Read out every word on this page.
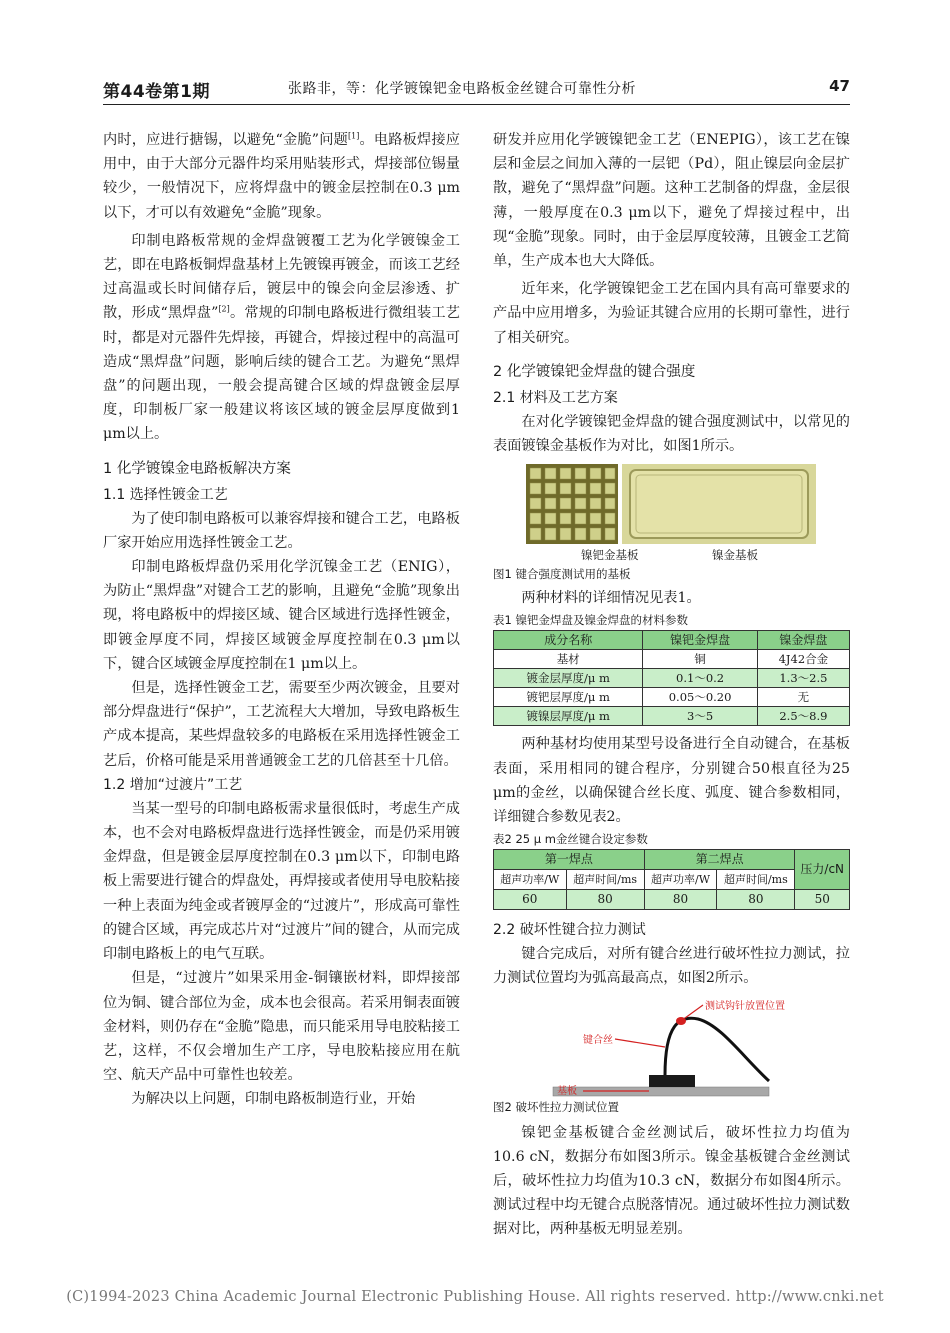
第44卷第1期	张路非，等：化学镀镍钯金电路板金丝键合可靠性分析	47

内时，应进行搪锡，以避免“金脆”问题[1]。电路板焊接应用中，由于大部分元器件均采用贴装形式，焊接部位锡量较少，一般情况下，应将焊盘中的镀金层控制在0.3 μm以下，才可以有效避免“金脆”现象。

印制电路板常规的金焊盘镀覆工艺为化学镀镍金工艺，即在电路板铜焊盘基材上先镀镍再镀金，而该工艺经过高温或长时间储存后，镀层中的镍会向金层渗透、扩散，形成“黑焊盘”[2]。常规的印制电路板进行微组装工艺时，都是对元器件先焊接，再键合，焊接过程中的高温可造成“黑焊盘”问题，影响后续的键合工艺。为避免“黑焊盘”的问题出现，一般会提高键合区域的焊盘镀金层厚度，印制板厂家一般建议将该区域的镀金层厚度做到1 μm以上。

1 化学镀镍金电路板解决方案
1.1 选择性镀金工艺

为了使印制电路板可以兼容焊接和键合工艺，电路板厂家开始应用选择性镀金工艺。

印制电路板焊盘仍采用化学沉镍金工艺（ENIG），为防止“黑焊盘”对键合工艺的影响，且避免“金脆”现象出现，将电路板中的焊接区域、键合区域进行选择性镀金，即镀金厚度不同，焊接区域镀金厚度控制在0.3 μm以下，键合区域镀金厚度控制在1 μm以上。

但是，选择性镀金工艺，需要至少两次镀金，且要对部分焊盘进行“保护”，工艺流程大大增加，导致电路板生产成本提高，某些焊盘较多的电路板在采用选择性镀金工艺后，价格可能是采用普通镀金工艺的几倍甚至十几倍。

1.2 增加“过渡片”工艺

当某一型号的印制电路板需求量很低时，考虑生产成本，也不会对电路板焊盘进行选择性镀金，而是仍采用镀金焊盘，但是镀金层厚度控制在0.3 μm以下，印制电路板上需要进行键合的焊盘处，再焊接或者使用导电胶粘接一种上表面为纯金或者镀厚金的“过渡片”，形成高可靠性的键合区域，再完成芯片对“过渡片”间的键合，从而完成印制电路板上的电气互联。

但是，“过渡片”如果采用金-铜镶嵌材料，即焊接部位为铜、键合部位为金，成本也会很高。若采用铜表面镀金材料，则仍存在“金脆”隐患，而只能采用导电胶粘接工艺，这样，不仅会增加生产工序，导电胶粘接应用在航空、航天产品中可靠性也较差。

为解决以上问题，印制电路板制造行业，开始

研发并应用化学镀镍钯金工艺（ENEPIG），该工艺在镍层和金层之间加入薄的一层钯（Pd），阻止镍层向金层扩散，避免了“黑焊盘”问题。这种工艺制备的焊盘，金层很薄，一般厚度在0.3 μm以下，避免了焊接过程中，出现“金脆”现象。同时，由于金层厚度较薄，且镀金工艺简单，生产成本也大大降低。

近年来，化学镀镍钯金工艺在国内具有高可靠要求的产品中应用增多，为验证其键合应用的长期可靠性，进行了相关研究。

2 化学镀镍钯金焊盘的键合强度
2.1 材料及工艺方案

在对化学镀镍钯金焊盘的键合强度测试中，以常见的表面镀镍金基板作为对比，如图1所示。

镍钯金基板	镍金基板

图1 键合强度测试用的基板

两种材料的详细情况见表1。

表1 镍钯金焊盘及镍金焊盘的材料参数

成分名称	镍钯金焊盘	镍金焊盘
基材	铜	4J42合金
镀金层厚度/μ m	0.1～0.2	1.3～2.5
镀钯层厚度/μ m	0.05～0.20	无
镀镍层厚度/μ m	3～5	2.5～8.9

两种基材均使用某型号设备进行全自动键合，在基板表面，采用相同的键合程序，分别键合50根直径为25 μm的金丝，以确保键合丝长度、弧度、键合参数相同，详细键合参数见表2。

表2 25 μ m金丝键合设定参数

第一焊点		第二焊点		压力/cN
超声功率/W	超声时间/ms	超声功率/W	超声时间/ms	
60	80	80	80	50
2.2 破坏性键合拉力测试

键合完成后，对所有键合丝进行破坏性拉力测试，拉力测试位置均为弧高最高点，如图2所示。

测试钩针放置位置
键合丝
基板

图2 破坏性拉力测试位置

镍钯金基板键合金丝测试后，破坏性拉力均值为10.6 cN，数据分布如图3所示。镍金基板键合金丝测试后，破坏性拉力均值为10.3 cN，数据分布如图4所示。测试过程中均无键合点脱落情况。通过破坏性拉力测试数据对比，两种基板无明显差别。

(C)1994-2023 China Academic Journal Electronic Publishing House. All rights reserved. http://www.cnki.net
